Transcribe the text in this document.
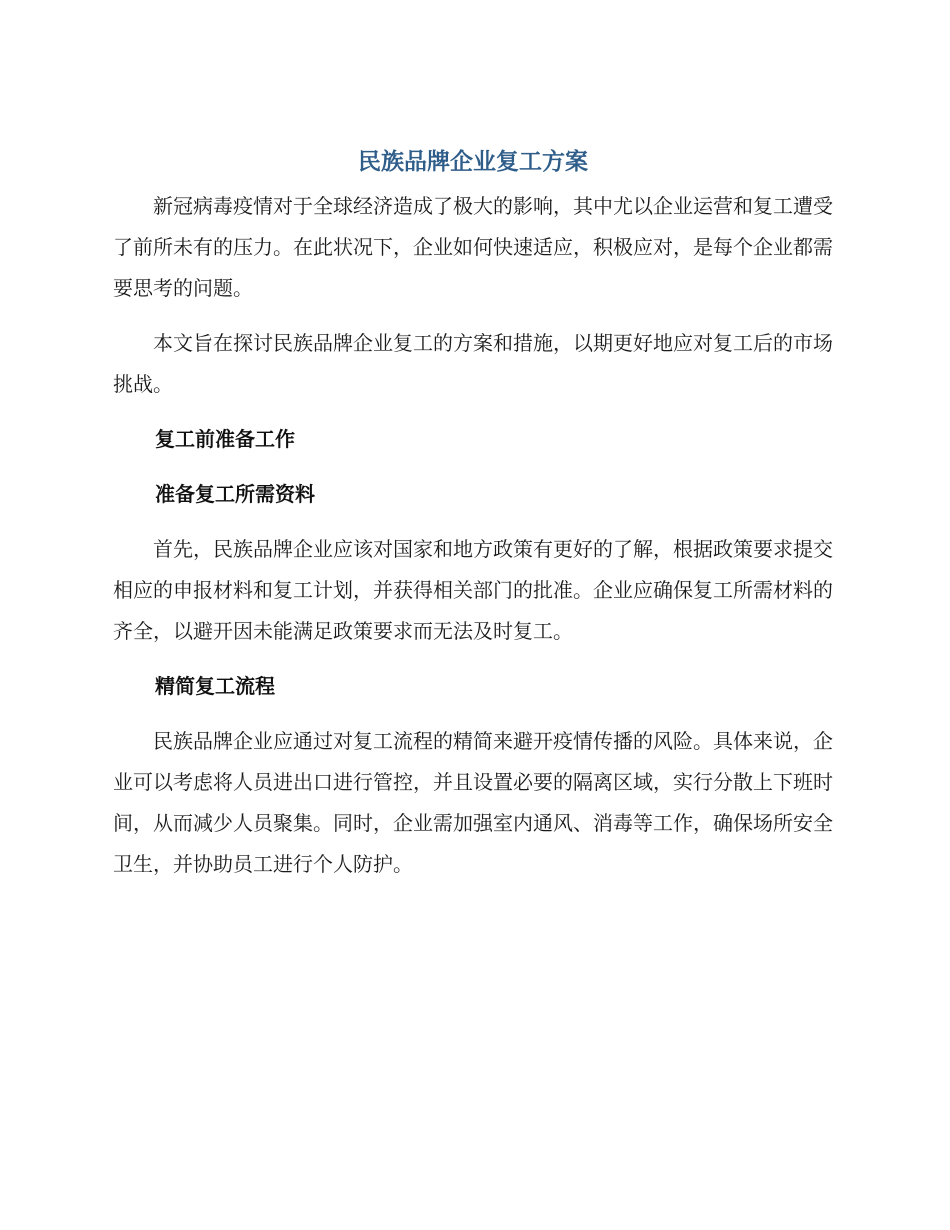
民族品牌企业复工方案

新冠病毒疫情对于全球经济造成了极大的影响，其中尤以企业运营和复工遭受了前所未有的压力。在此状况下，企业如何快速适应，积极应对，是每个企业都需要思考的问题。

本文旨在探讨民族品牌企业复工的方案和措施，以期更好地应对复工后的市场挑战。

复工前准备工作
准备复工所需资料

首先，民族品牌企业应该对国家和地方政策有更好的了解，根据政策要求提交相应的申报材料和复工计划，并获得相关部门的批准。企业应确保复工所需材料的齐全，以避开因未能满足政策要求而无法及时复工。

精简复工流程

民族品牌企业应通过对复工流程的精简来避开疫情传播的风险。具体来说，企业可以考虑将人员进出口进行管控，并且设置必要的隔离区域，实行分散上下班时间，从而减少人员聚集。同时，企业需加强室内通风、消毒等工作，确保场所安全卫生，并协助员工进行个人防护。
